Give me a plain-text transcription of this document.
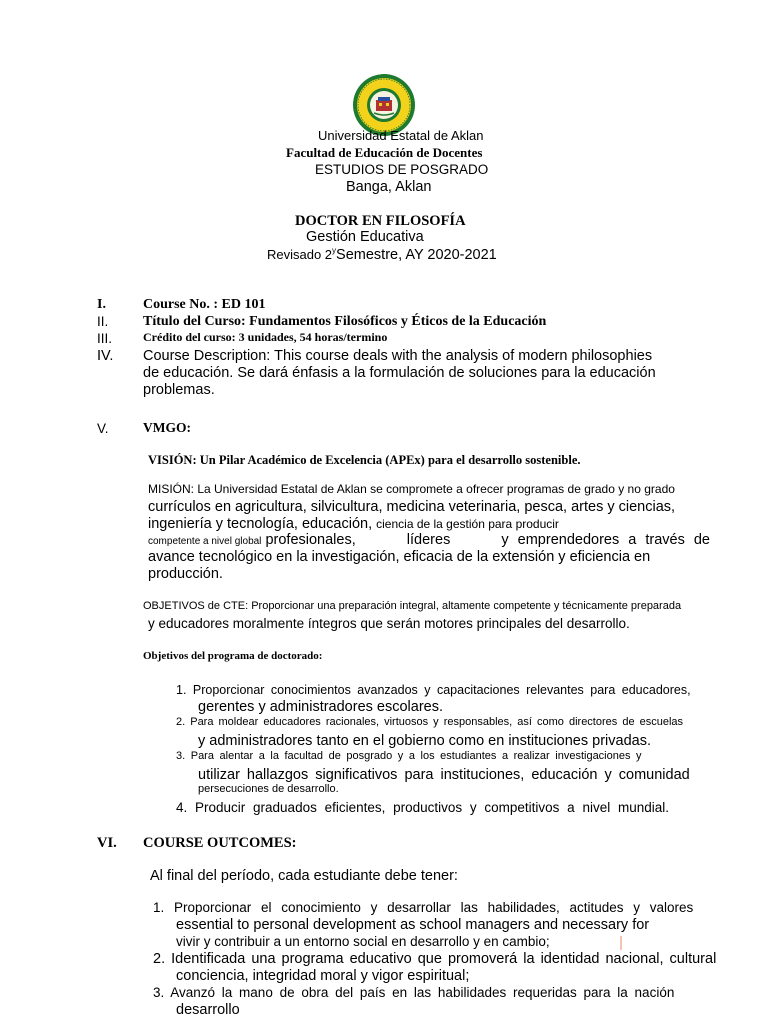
Universidad Estatal de Aklan
Facultad de Educación de Docentes
ESTUDIOS DE POSGRADO
Banga, Aklan
DOCTOR EN FILOSOFÍA
Gestión Educativa
Revisado 2$^y$Semestre, AY 2020-2021
I.	Course No. : ED 101
II. Título del Curso: Fundamentos Filosóficos y Éticos de la Educación
III.	Crédito del curso: 3 unidades, 54 horas/termino
IV. Course Description: This course deals with the analysis of modern philosophies
de educación. Se dará énfasis a la formulación de soluciones para la educación
problemas.
V.	VMGO:
VISIÓN: Un Pilar Académico de Excelencia (APEx) para el desarrollo sostenible.
MISIÓN: La Universidad Estatal de Aklan se compromete a ofrecer programas de grado y no grado
currículos en agricultura, silvicultura, medicina veterinaria, pesca, artes y ciencias,
ingeniería y tecnología, educación, ciencia de la gestión para producir
competente a nivel global profesionales,	líderes	y emprendedores a través de
avance tecnológico en la investigación, eficacia de la extensión y eficiencia en
producción.
OBJETIVOS de CTE: Proporcionar una preparación integral, altamente competente y técnicamente preparada
y educadores moralmente íntegros que serán motores principales del desarrollo.
Objetivos del programa de doctorado:
1. Proporcionar conocimientos avanzados y capacitaciones relevantes para educadores,
gerentes y administradores escolares.
2. Para moldear educadores racionales, virtuosos y responsables, así como directores de escuelas
y administradores tanto en el gobierno como en instituciones privadas.
3. Para alentar a la facultad de posgrado y a los estudiantes a realizar investigaciones y
utilizar hallazgos significativos para instituciones, educación y comunidad
persecuciones de desarrollo.
4. Producir graduados eficientes, productivos y competitivos a nivel mundial.
VI. COURSE OUTCOMES:
Al final del período, cada estudiante debe tener:
1. Proporcionar el conocimiento y desarrollar las habilidades, actitudes y valores
essential to personal development as school managers and necessary for
vivir y contribuir a un entorno social en desarrollo y en cambio;
2. Identificada una programa educativo que promoverá la identidad nacional, cultural
conciencia, integridad moral y vigor espiritual;
3. Avanzó la mano de obra del país en las habilidades requeridas para la nación
desarrollo
